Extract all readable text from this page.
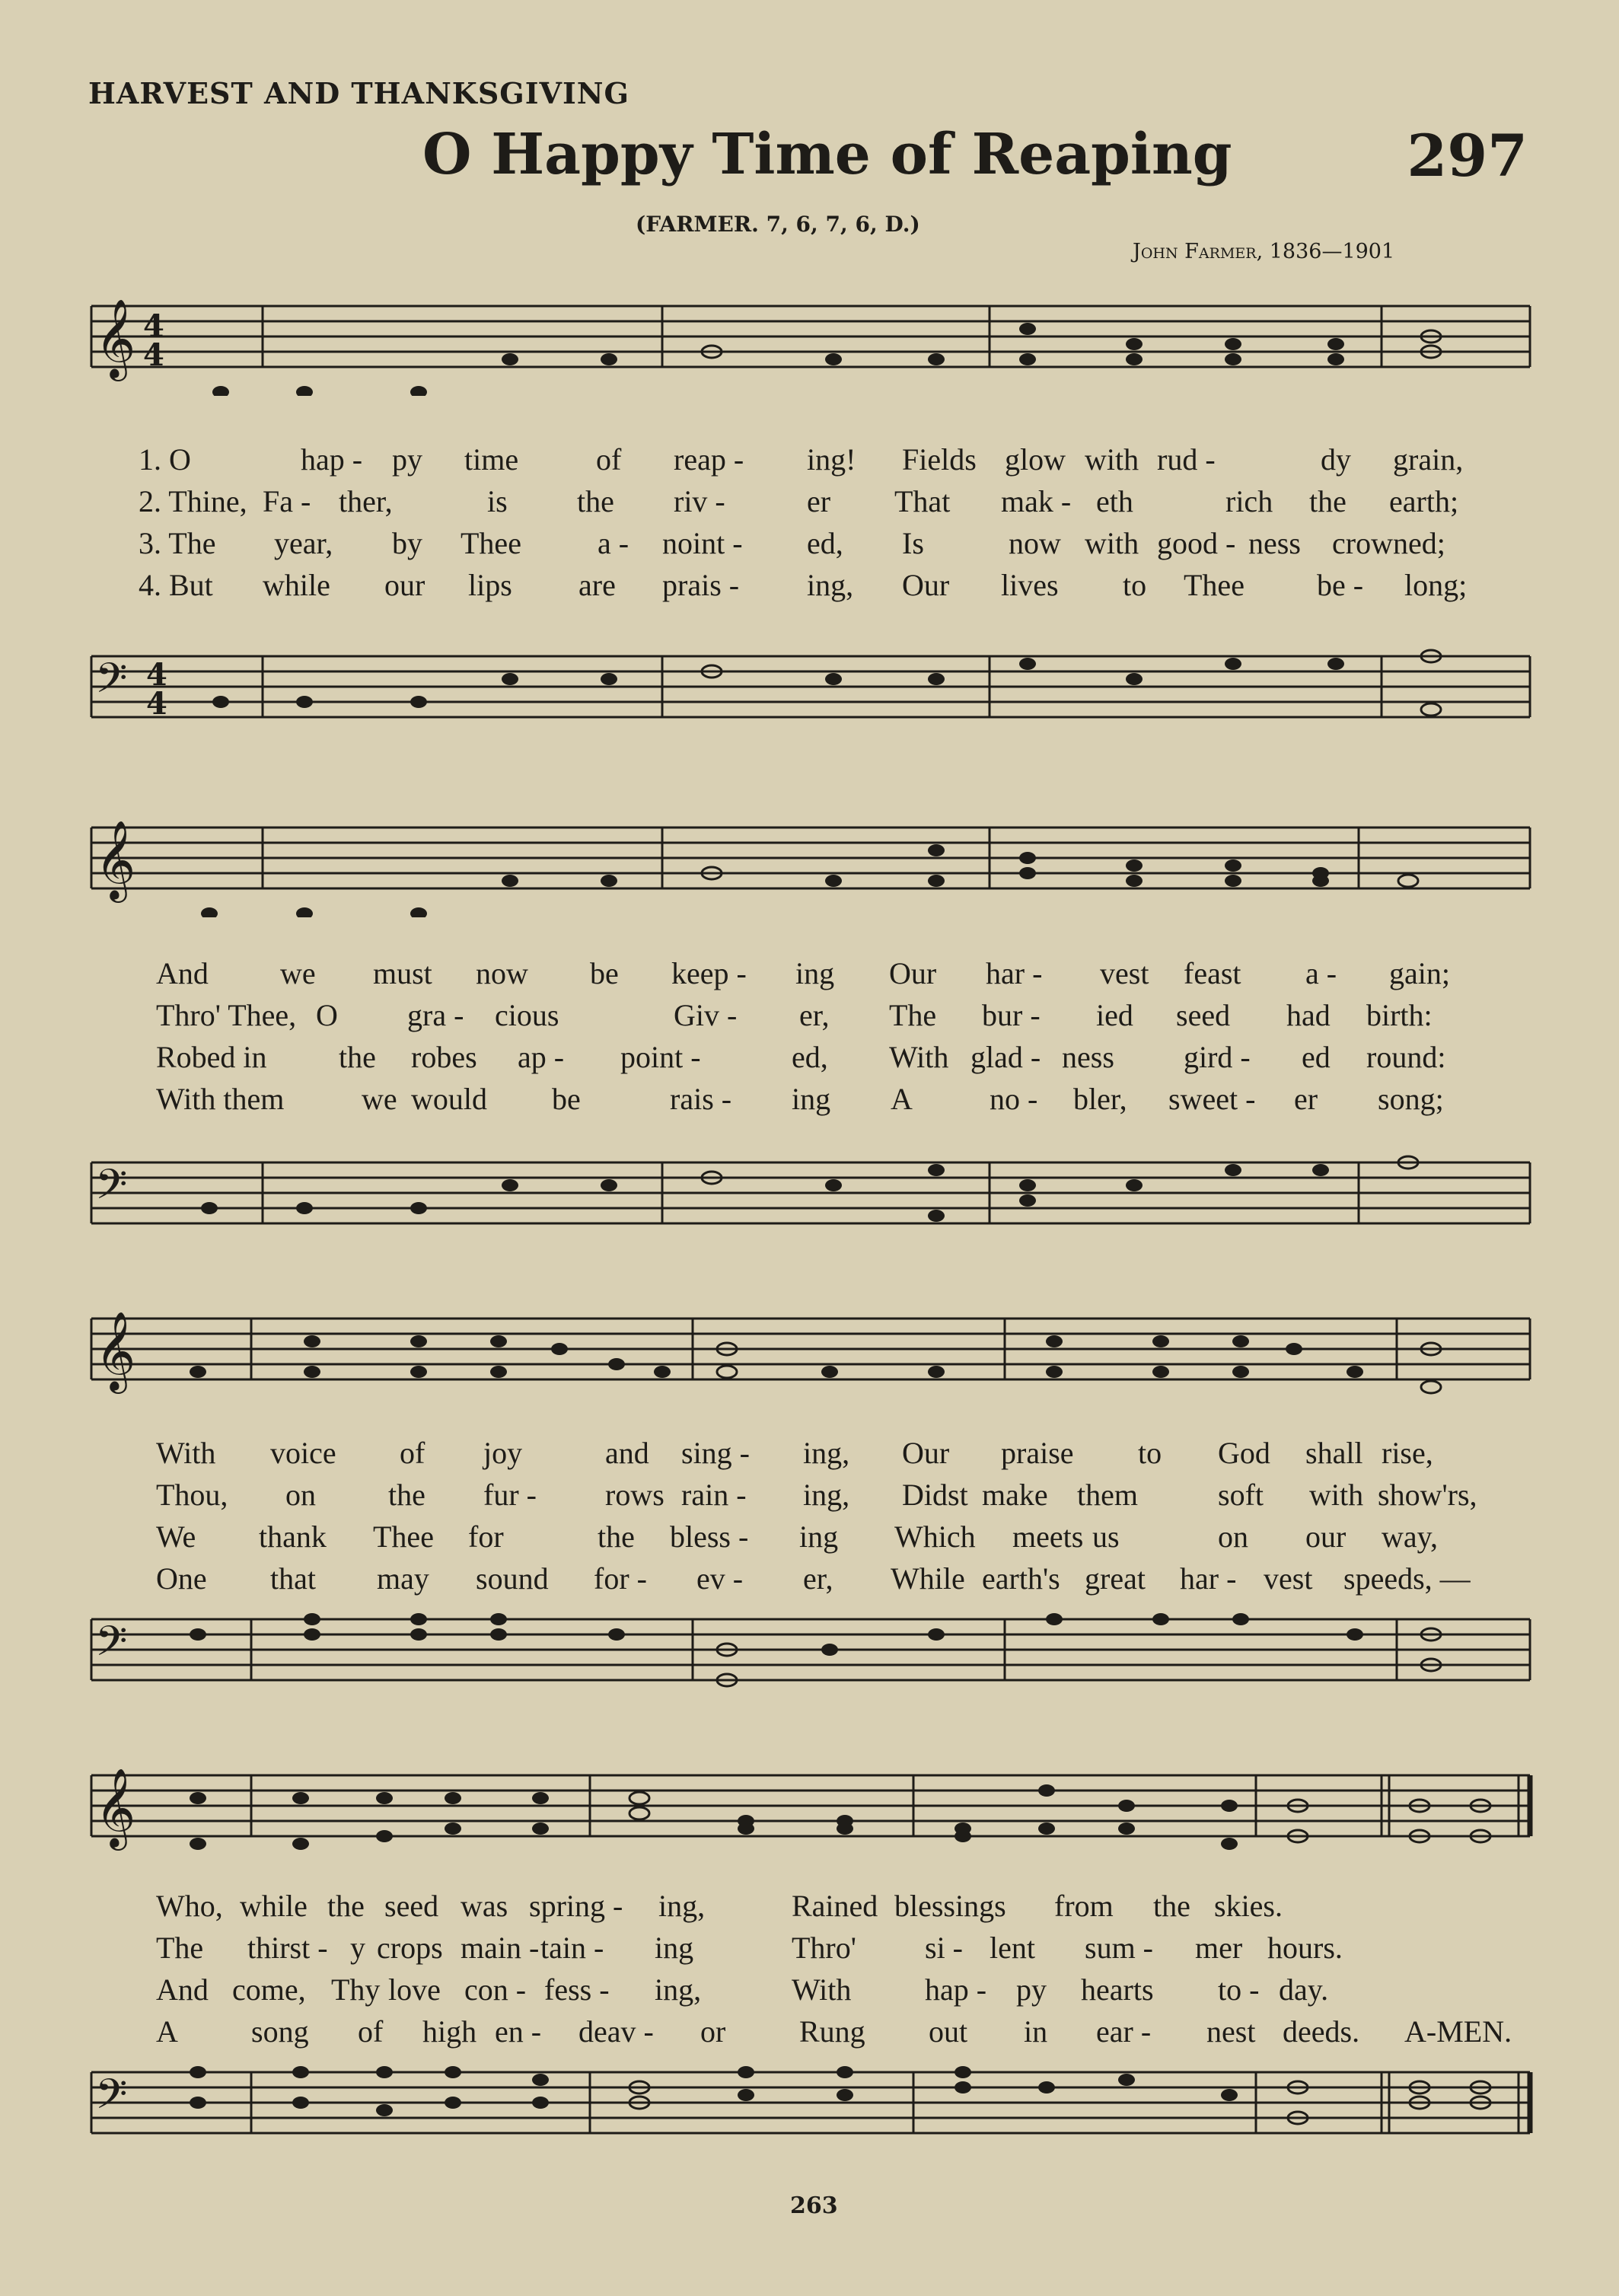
HARVEST AND THANKSGIVING
O Happy Time of Reaping	297
(FARMER. 7, 6, 7, 6, D.)
John Farmer, 1836—1901
𝄞 4
4
1. O	hap - py time	of reap - ing! Fields glow with rud -	dy grain,
2. Thine, Fa - ther,	is the riv -	er That mak - eth	rich the earth;
3. The year, by Thee	a - noint - ed, Is	now with good - ness crowned;
4. But while our lips are prais - ing, Our lives to Thee be - long;
𝄢 4
4
𝄞
And we must now be keep - ing Our har - vest feast a - gain;
Thro' Thee, O gra - cious	Giv - er, The bur - ied seed had birth:
Robed in the robes ap - point -	ed, With glad - ness gird - ed round:
With them	we would be	rais - ing A	no - bler, sweet - er song;
𝄢
𝄞
With voice of joy	and sing - ing, Our praise to God shall rise,
Thou, on the fur - rows rain - ing, Didst make them	soft with show'rs,
We thank Thee for	the bless - ing Which meets us	on our way,
One that may sound for - ev - er, While earth's great har - vest speeds, —
𝄢
𝄞
Who, while the seed was spring - ing,	Rained blessings from the skies.
The thirst - y crops main - tain - ing	Thro' si - lent sum - mer hours.
And come, Thy love con - fess - ing,	With hap - py hearts to - day.
A song of high en - deav - or Rung out in ear - nest deeds. A-MEN.
𝄢
263
